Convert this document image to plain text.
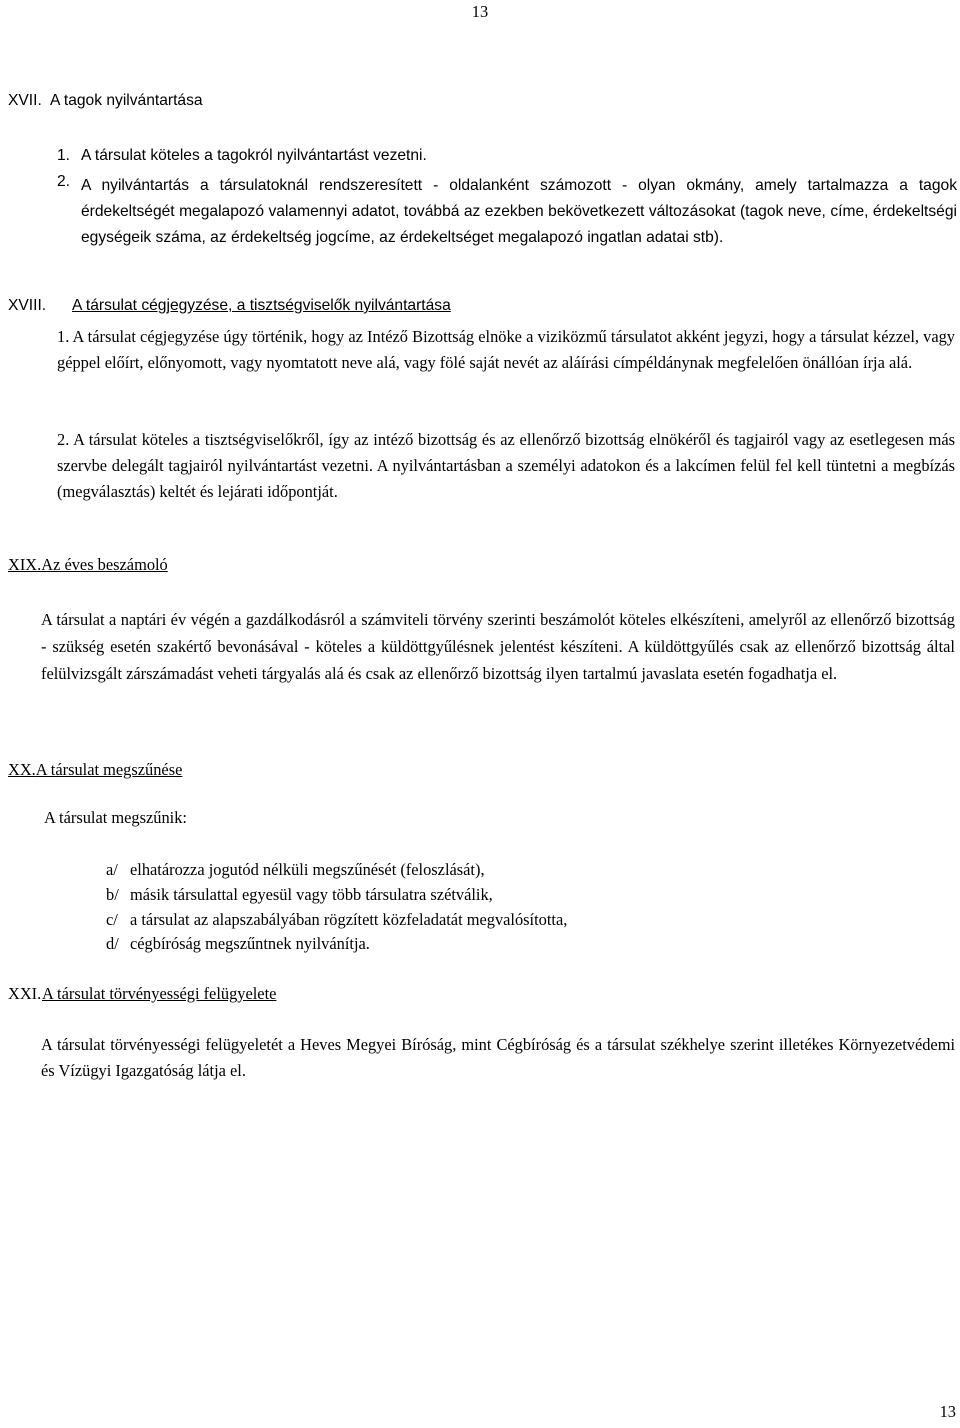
13
XVII. A tagok nyilvántartása
1. A társulat köteles a tagokról nyilvántartást vezetni.
2. A nyilvántartás a társulatoknál rendszeresített - oldalanként számozott - olyan okmány, amely tartalmazza a tagok érdekeltségét megalapozó valamennyi adatot, továbbá az ezekben bekövetkezett változásokat (tagok neve, címe, érdekeltségi egységeik száma, az érdekeltség jogcíme, az érdekeltséget megalapozó ingatlan adatai stb).
XVIII. A társulat cégjegyzése, a tisztségviselők nyilvántartása
1. A társulat cégjegyzése úgy történik, hogy az Intéző Bizottság elnöke a viziközmű társulatot akként jegyzi, hogy a társulat kézzel, vagy géppel előírt, előnyomott, vagy nyomtatott neve alá, vagy fölé saját nevét az aláírási címpéldánynak megfelelően önállóan írja alá.
2. A társulat köteles a tisztségviselőkről, így az intéző bizottság és az ellenőrző bizottság elnökéről és tagjairól vagy az esetlegesen más szervbe delegált tagjairól nyilvántartást vezetni. A nyilvántartásban a személyi adatokon és a lakcímen felül fel kell tüntetni a megbízás (megválasztás) keltét és lejárati időpontját.
XIX.Az éves beszámoló
A társulat a naptári év végén a gazdálkodásról a számviteli törvény szerinti beszámolót köteles elkészíteni, amelyről az ellenőrző bizottság - szükség esetén szakértő bevonásával - köteles a küldöttgyűlésnek jelentést készíteni. A küldöttgyűlés csak az ellenőrző bizottság által felülvizsgált zárszámadást veheti tárgyalás alá és csak az ellenőrző bizottság ilyen tartalmú javaslata esetén fogadhatja el.
XX.A társulat megszűnése
A társulat megszűnik:
a/ elhatározza jogutód nélküli megszűnését (feloszlását),
b/ másik társulattal egyesül vagy több társulatra szétválik,
c/ a társulat az alapszabályában rögzített közfeladatát megvalósította,
d/ cégbíróság megszűntnek nyilvánítja.
XXI.A társulat törvényességi felügyelete
A társulat törvényességi felügyeletét a Heves Megyei Bíróság, mint Cégbíróság és a társulat székhelye szerint illetékes Környezetvédemi és Vízügyi Igazgatóság látja el.
13
